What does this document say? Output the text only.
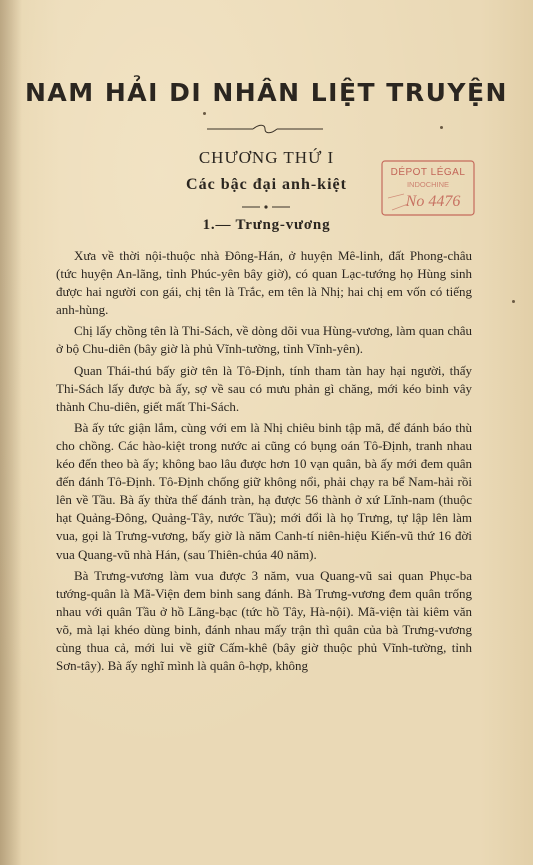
NAM HẢI DI NHÂN LIỆT TRUYỆN
CHƯƠNG THỨ I
Các bậc đại anh-kiệt
1.— Trưng-vương
DÉPOT LÉGAL
INDOCHINE
No 4476

Xưa về thời nội-thuộc nhà Đông-Hán, ở huyện Mê-linh, đất Phong-châu (tức huyện An-lãng, tỉnh Phúc-yên bây giờ), có quan Lạc-tướng họ Hùng sinh được hai người con gái, chị tên là Trắc, em tên là Nhị; hai chị em vốn có tiếng anh-hùng.

Chị lấy chồng tên là Thi-Sách, về dòng dõi vua Hùng-vương, làm quan châu ở bộ Chu-diên (bây giờ là phủ Vĩnh-tường, tỉnh Vĩnh-yên).

Quan Thái-thú bấy giờ tên là Tô-Định, tính tham tàn hay hại người, thấy Thi-Sách lấy được bà ấy, sợ về sau có mưu phản gì chăng, mới kéo binh vây thành Chu-diên, giết mất Thi-Sách.

Bà ấy tức giận lắm, cùng với em là Nhị chiêu binh tập mã, để đánh báo thù cho chồng. Các hào-kiệt trong nước ai cũng có bụng oán Tô-Định, tranh nhau kéo đến theo bà ấy; không bao lâu được hơn 10 vạn quân, bà ấy mới đem quân đến đánh Tô-Định. Tô-Định chống giữ không nổi, phải chạy ra bể Nam-hải rồi lên về Tầu. Bà ấy thừa thế đánh tràn, hạ được 56 thành ở xứ Lĩnh-nam (thuộc hạt Quảng-Đông, Quảng-Tây, nước Tầu); mới đổi là họ Trưng, tự lập lên làm vua, gọi là Trưng-vương, bấy giờ là năm Canh-tí niên-hiệu Kiến-vũ thứ 16 đời vua Quang-vũ nhà Hán, (sau Thiên-chúa 40 năm).

Bà Trưng-vương làm vua được 3 năm, vua Quang-vũ sai quan Phục-ba tướng-quân là Mã-Viện đem binh sang đánh. Bà Trưng-vương đem quân trống nhau với quân Tầu ở hồ Lãng-bạc (tức hồ Tây, Hà-nội). Mã-viện tài kiêm văn võ, mà lại khéo dùng binh, đánh nhau mấy trận thì quân của bà Trưng-vương cùng thua cả, mới lui về giữ Cấm-khê (bây giờ thuộc phủ Vĩnh-tường, tỉnh Sơn-tây). Bà ấy nghĩ mình là quân ô-hợp, không
